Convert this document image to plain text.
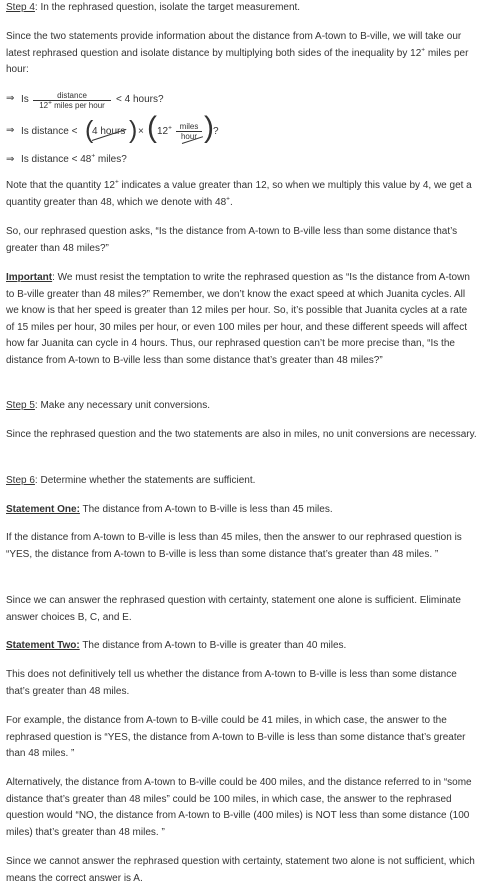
Step 4: In the rephrased question, isolate the target measurement.

Since the two statements provide information about the distance from A-town to B-ville, we will take our latest rephrased question and isolate distance by multiplying both sides of the inequality by 12+ miles per hour:

⇒ Is	distance
12+ miles per hour
< 4 hours?
⇒ Is distance < (
4 hours ) × ( 12+ miles
hour ) ?
⇒ Is distance < 48+ miles?

Note that the quantity 12+ indicates a value greater than 12, so when we multiply this value by 4, we get a quantity greater than 48, which we denote with 48+.

So, our rephrased question asks, “Is the distance from A-town to B-ville less than some distance that’s greater than 48 miles?”

Important: We must resist the temptation to write the rephrased question as “Is the distance from A-town to B-ville greater than 48 miles?” Remember, we don’t know the exact speed at which Juanita cycles. All we know is that her speed is greater than 12 miles per hour. So, it’s possible that Juanita cycles at a rate of 15 miles per hour, 30 miles per hour, or even 100 miles per hour, and these different speeds will affect how far Juanita can cycle in 4 hours. Thus, our rephrased question can’t be more precise than, “Is the distance from A-town to B-ville less than some distance that’s greater than 48 miles?”

Step 5: Make any necessary unit conversions.

Since the rephrased question and the two statements are also in miles, no unit conversions are necessary.

Step 6: Determine whether the statements are sufficient.

Statement One: The distance from A-town to B-ville is less than 45 miles.

If the distance from A-town to B-ville is less than 45 miles, then the answer to our rephrased question is “YES, the distance from A-town to B-ville is less than some distance that’s greater than 48 miles. ”

Since we can answer the rephrased question with certainty, statement one alone is sufficient. Eliminate answer choices B, C, and E.

Statement Two: The distance from A-town to B-ville is greater than 40 miles.

This does not definitively tell us whether the distance from A-town to B-ville is less than some distance that’s greater than 48 miles.

For example, the distance from A-town to B-ville could be 41 miles, in which case, the answer to the rephrased question is “YES, the distance from A-town to B-ville is less than some distance that’s greater than 48 miles. ”

Alternatively, the distance from A-town to B-ville could be 400 miles, and the distance referred to in “some distance that’s greater than 48 miles” could be 100 miles, in which case, the answer to the rephrased question would “NO, the distance from A-town to B-ville (400 miles) is NOT less than some distance (100 miles) that’s greater than 48 miles. ”

Since we cannot answer the rephrased question with certainty, statement two alone is not sufficient, which means the correct answer is A.
